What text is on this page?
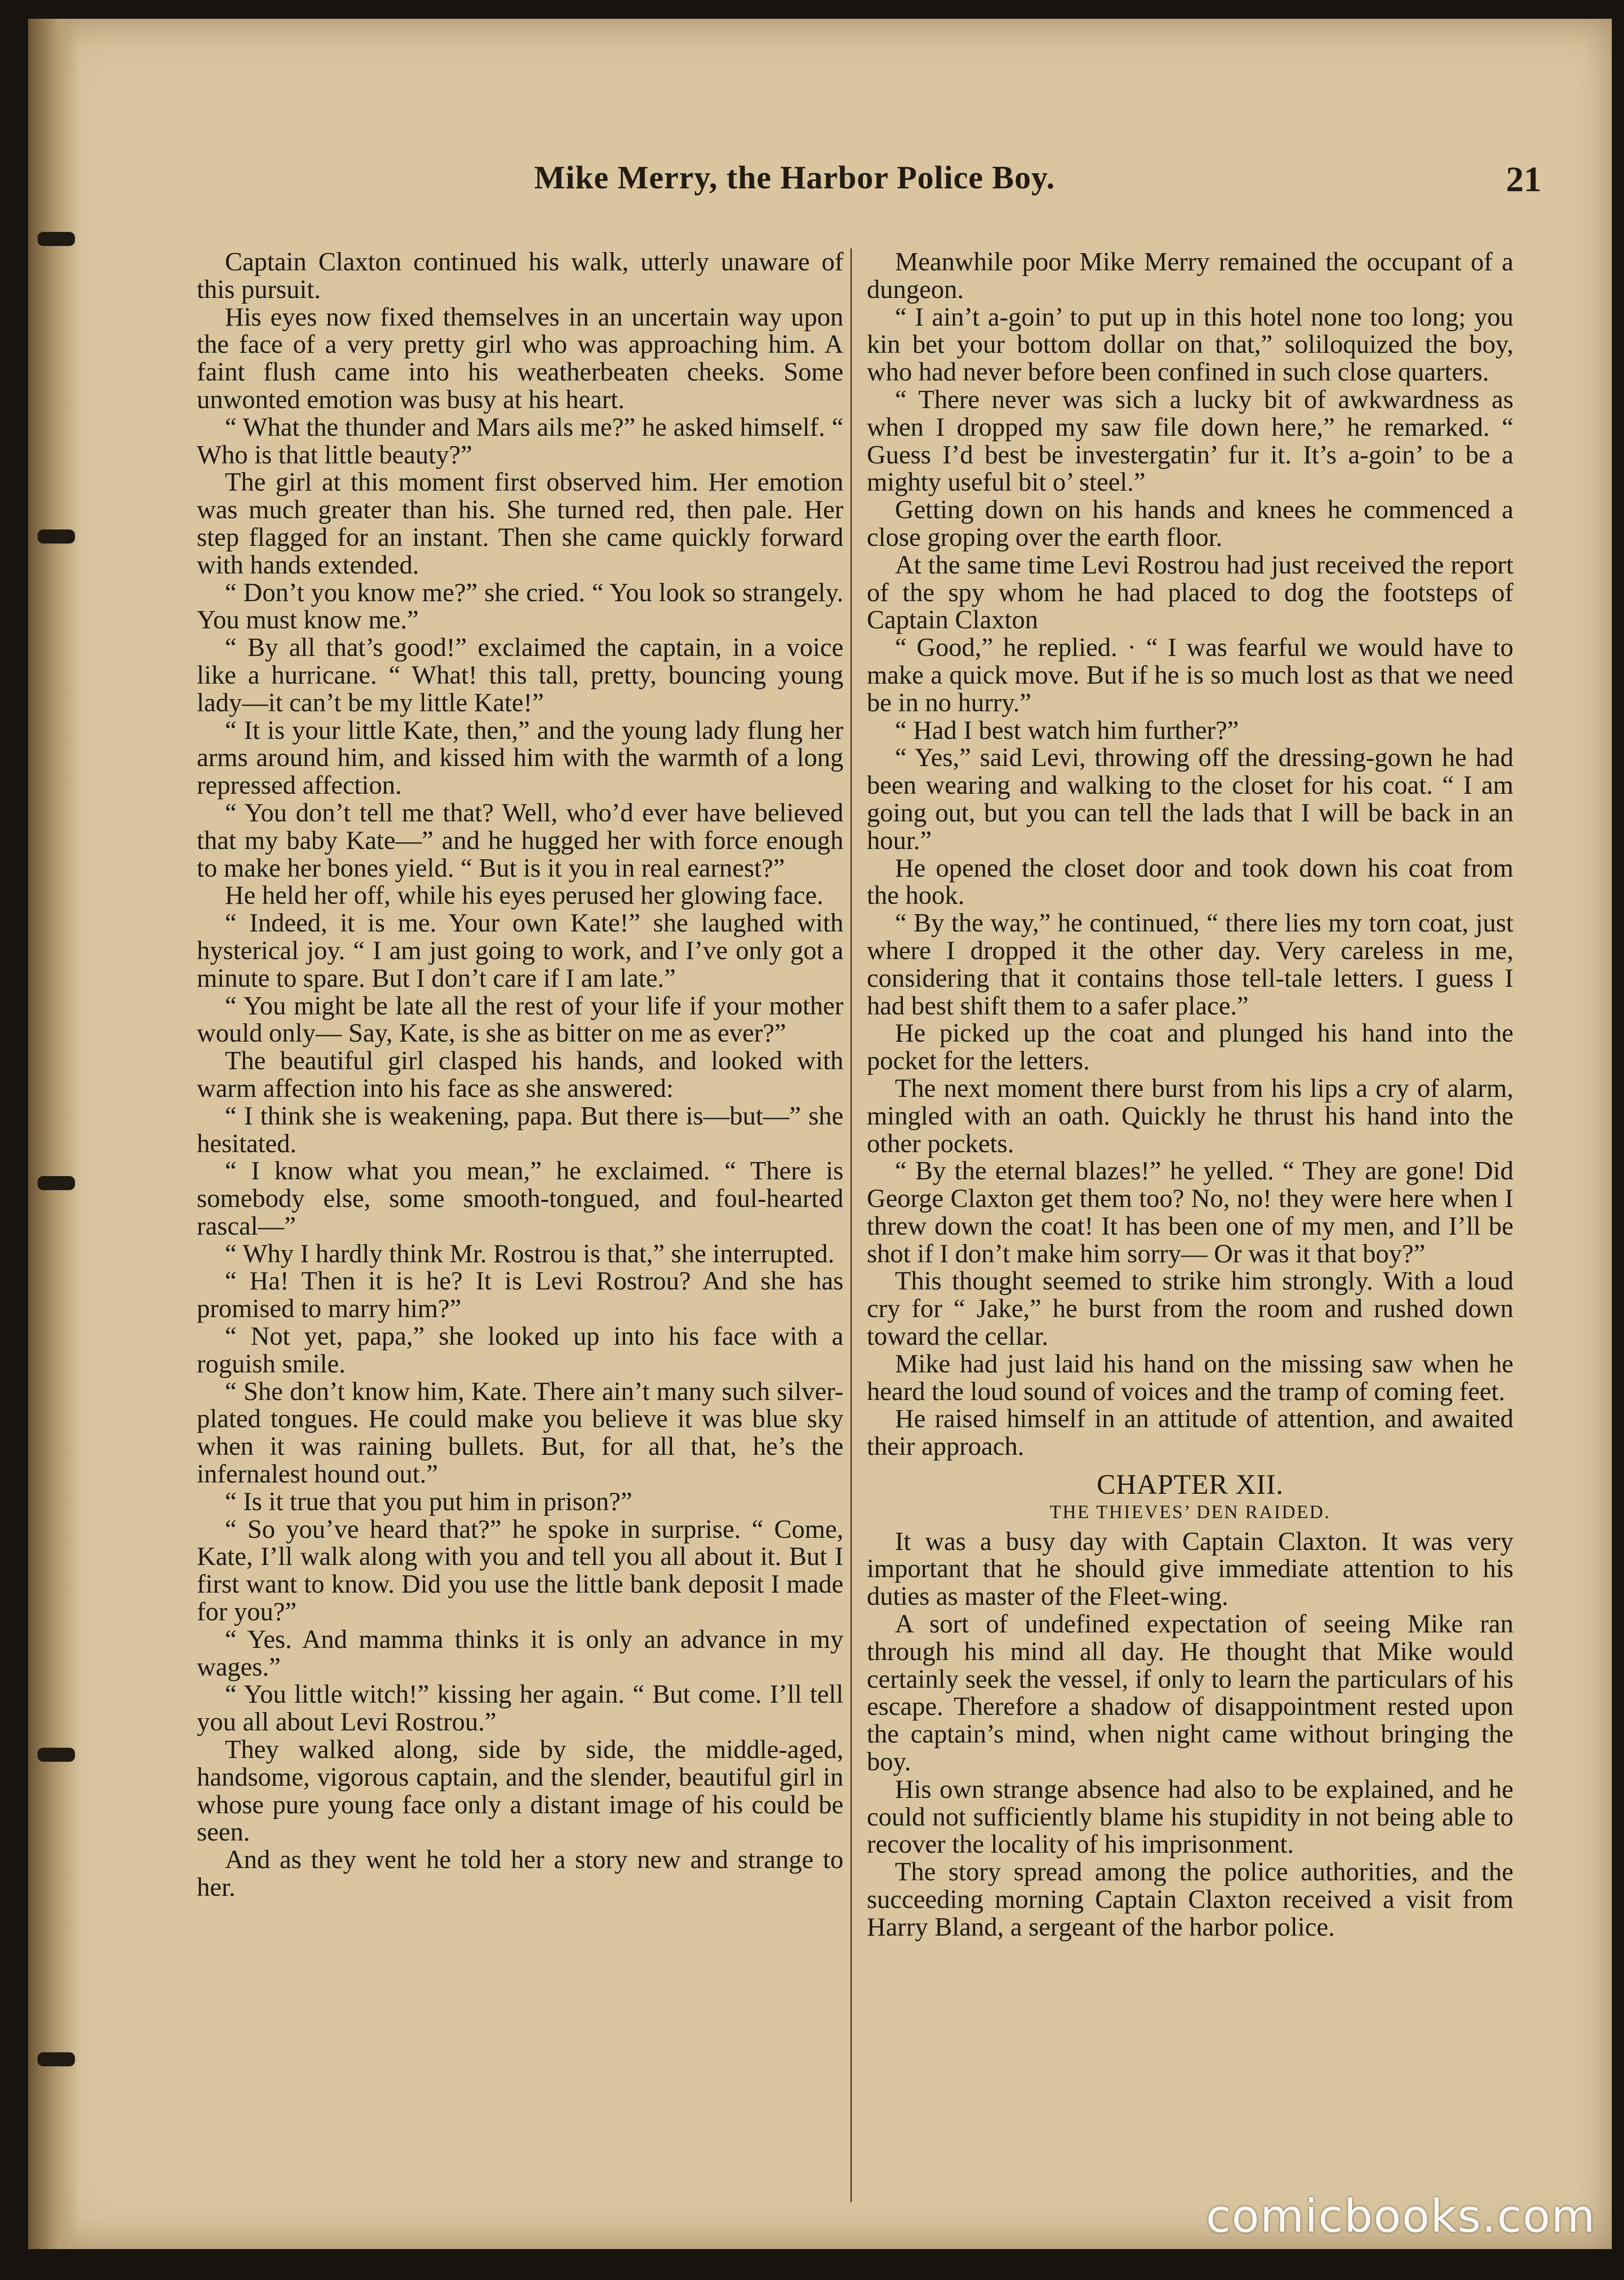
Mike Merry, the Harbor Police Boy.	21

Captain Claxton continued his walk, utterly unaware of this pursuit.

His eyes now fixed themselves in an uncertain way upon the face of a very pretty girl who was approaching him. A faint flush came into his weatherbeaten cheeks. Some unwonted emotion was busy at his heart.

“ What the thunder and Mars ails me?” he asked himself. “ Who is that little beauty?”

The girl at this moment first observed him. Her emotion was much greater than his. She turned red, then pale. Her step flagged for an instant. Then she came quickly forward with hands extended.

“ Don’t you know me?” she cried. “ You look so strangely. You must know me.”

“ By all that’s good!” exclaimed the captain, in a voice like a hurricane. “ What! this tall, pretty, bouncing young lady—it can’t be my little Kate!”

“ It is your little Kate, then,” and the young lady flung her arms around him, and kissed him with the warmth of a long repressed affection.

“ You don’t tell me that? Well, who’d ever have believed that my baby Kate—” and he hugged her with force enough to make her bones yield. “ But is it you in real earnest?”

He held her off, while his eyes perused her glowing face.

“ Indeed, it is me. Your own Kate!” she laughed with hysterical joy. “ I am just going to work, and I’ve only got a minute to spare. But I don’t care if I am late.”

“ You might be late all the rest of your life if your mother would only— Say, Kate, is she as bitter on me as ever?”

The beautiful girl clasped his hands, and looked with warm affection into his face as she answered:

“ I think she is weakening, papa. But there is—but—” she hesitated.

“ I know what you mean,” he exclaimed. “ There is somebody else, some smooth-tongued, and foul-hearted rascal—”

“ Why I hardly think Mr. Rostrou is that,” she interrupted.

“ Ha! Then it is he? It is Levi Rostrou? And she has promised to marry him?”

“ Not yet, papa,” she looked up into his face with a roguish smile.

“ She don’t know him, Kate. There ain’t many such silver-plated tongues. He could make you believe it was blue sky when it was raining bullets. But, for all that, he’s the infernalest hound out.”

“ Is it true that you put him in prison?”

“ So you’ve heard that?” he spoke in surprise. “ Come, Kate, I’ll walk along with you and tell you all about it. But I first want to know. Did you use the little bank deposit I made for you?”

“ Yes. And mamma thinks it is only an advance in my wages.”

“ You little witch!” kissing her again. “ But come. I’ll tell you all about Levi Rostrou.”

They walked along, side by side, the middle-aged, handsome, vigorous captain, and the slender, beautiful girl in whose pure young face only a distant image of his could be seen.

And as they went he told her a story new and strange to her.

Meanwhile poor Mike Merry remained the occupant of a dungeon.

“ I ain’t a-goin’ to put up in this hotel none too long; you kin bet your bottom dollar on that,” soliloquized the boy, who had never before been confined in such close quarters.

“ There never was sich a lucky bit of awkwardness as when I dropped my saw file down here,” he remarked. “ Guess I’d best be investergatin’ fur it. It’s a-goin’ to be a mighty useful bit o’ steel.”

Getting down on his hands and knees he commenced a close groping over the earth floor.

At the same time Levi Rostrou had just received the report of the spy whom he had placed to dog the footsteps of Captain Claxton

“ Good,” he replied. · “ I was fearful we would have to make a quick move. But if he is so much lost as that we need be in no hurry.”

“ Had I best watch him further?”

“ Yes,” said Levi, throwing off the dressing-gown he had been wearing and walking to the closet for his coat. “ I am going out, but you can tell the lads that I will be back in an hour.”

He opened the closet door and took down his coat from the hook.

“ By the way,” he continued, “ there lies my torn coat, just where I dropped it the other day. Very careless in me, considering that it contains those tell-tale letters. I guess I had best shift them to a safer place.”

He picked up the coat and plunged his hand into the pocket for the letters.

The next moment there burst from his lips a cry of alarm, mingled with an oath. Quickly he thrust his hand into the other pockets.

“ By the eternal blazes!” he yelled. “ They are gone! Did George Claxton get them too? No, no! they were here when I threw down the coat! It has been one of my men, and I’ll be shot if I don’t make him sorry— Or was it that boy?”

This thought seemed to strike him strongly. With a loud cry for “ Jake,” he burst from the room and rushed down toward the cellar.

Mike had just laid his hand on the missing saw when he heard the loud sound of voices and the tramp of coming feet.

He raised himself in an attitude of attention, and awaited their approach.

CHAPTER XII.
THE THIEVES’ DEN RAIDED.

It was a busy day with Captain Claxton. It was very important that he should give immediate attention to his duties as master of the Fleet-wing.

A sort of undefined expectation of seeing Mike ran through his mind all day. He thought that Mike would certainly seek the vessel, if only to learn the particulars of his escape. Therefore a shadow of disappointment rested upon the captain’s mind, when night came without bringing the boy.

His own strange absence had also to be explained, and he could not sufficiently blame his stupidity in not being able to recover the locality of his imprisonment.

The story spread among the police authorities, and the succeeding morning Captain Claxton received a visit from Harry Bland, a sergeant of the harbor police.

comicbooks.com
